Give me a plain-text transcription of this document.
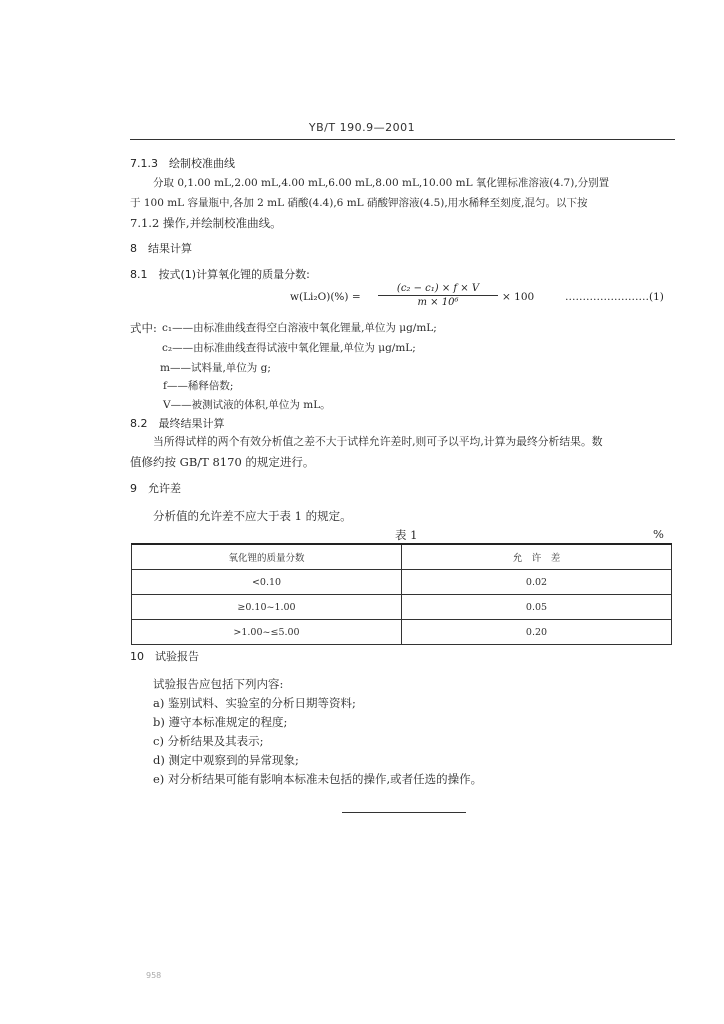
YB/T 190.9—2001
7.1.3　绘制校准曲线
分取 0,1.00 mL,2.00 mL,4.00 mL,6.00 mL,8.00 mL,10.00 mL 氧化锂标准溶液(4.7),分别置
于 100 mL 容量瓶中,各加 2 mL 硝酸(4.4),6 mL 硝酸钾溶液(4.5),用水稀释至刻度,混匀。以下按
7.1.2 操作,并绘制校准曲线。
8　结果计算
8.1　按式(1)计算氧化锂的质量分数:
$w(Li_2O)(\%) = \frac{\text{(c₂ − c₁) × f × V}}{\text{m × 10⁶}} \times 100$	……………………(1)
式中: c₁——由标准曲线查得空白溶液中氧化锂量,单位为 μg/mL;
c₂——由标准曲线查得试液中氧化锂量,单位为 μg/mL;
m——试料量,单位为 g;
f——稀释倍数;
V——被测试液的体积,单位为 mL。
8.2　最终结果计算
当所得试样的两个有效分析值之差不大于试样允许差时,则可予以平均,计算为最终分析结果。数
值修约按 GB/T 8170 的规定进行。
9　允许差
分析值的允许差不应大于表 1 的规定。
表 1	%
氧化锂的质量分数	允　许　差
<0.10	0.02
≥0.10~1.00	0.05
>1.00~≤5.00	0.20
10　试验报告
试验报告应包括下列内容:
a) 鉴别试料、实验室的分析日期等资料;
b) 遵守本标准规定的程度;
c) 分析结果及其表示;
d) 测定中观察到的异常现象;
e) 对分析结果可能有影响本标准未包括的操作,或者任选的操作。
958
